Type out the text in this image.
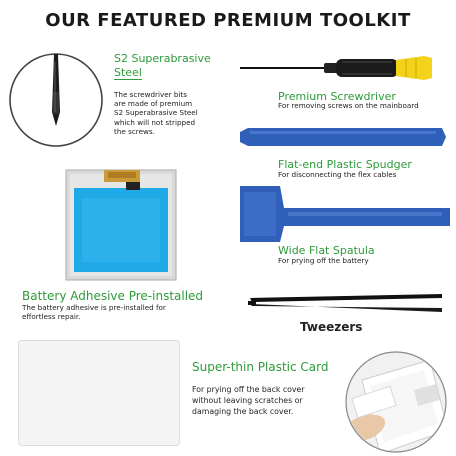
OUR FEATURED PREMIUM TOOLKIT
S2 Superabrasive
Steel
The screwdriver bits
are made of premium
S2 Superabrasive Steel
which will not stripped
the screws.
Premium Screwdriver
For removing screws on the mainboard
Flat-end Plastic Spudger
For disconnecting the flex cables
Wide Flat Spatula
For prying off the battery
Battery Adhesive Pre-installed
The battery adhesive is pre-installed for
effortless repair.
Tweezers
Super-thin Plastic Card
For prying off the back cover
without leaving scratches or
damaging the back cover.
